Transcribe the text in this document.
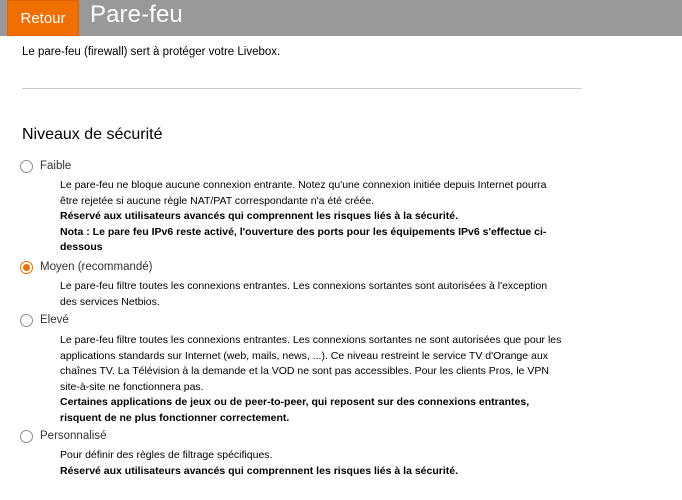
Retour	Pare-feu
Le pare-feu (firewall) sert à protéger votre Livebox.
Niveaux de sécurité
Faible

Le pare-feu ne bloque aucune connexion entrante. Notez qu'une connexion initiée depuis Internet pourra être rejetée si aucune règle NAT/PAT correspondante n'a été créée.

Réservé aux utilisateurs avancés qui comprennent les risques liés à la sécurité.

Nota : Le pare feu IPv6 reste activé, l'ouverture des ports pour les équipements IPv6 s'effectue ci-dessous

Moyen (recommandé)

Le pare-feu filtre toutes les connexions entrantes. Les connexions sortantes sont autorisées à l'exception des services Netbios.

Elevé

Le pare-feu filtre toutes les connexions entrantes. Les connexions sortantes ne sont autorisées que pour les applications standards sur Internet (web, mails, news, ...). Ce niveau restreint le service TV d'Orange aux chaînes TV. La Télévision à la demande et la VOD ne sont pas accessibles. Pour les clients Pros, le VPN site-à-site ne fonctionnera pas.

Certaines applications de jeux ou de peer-to-peer, qui reposent sur des connexions entrantes, risquent de ne plus fonctionner correctement.

Personnalisé

Pour définir des règles de filtrage spécifiques.

Réservé aux utilisateurs avancés qui comprennent les risques liés à la sécurité.
